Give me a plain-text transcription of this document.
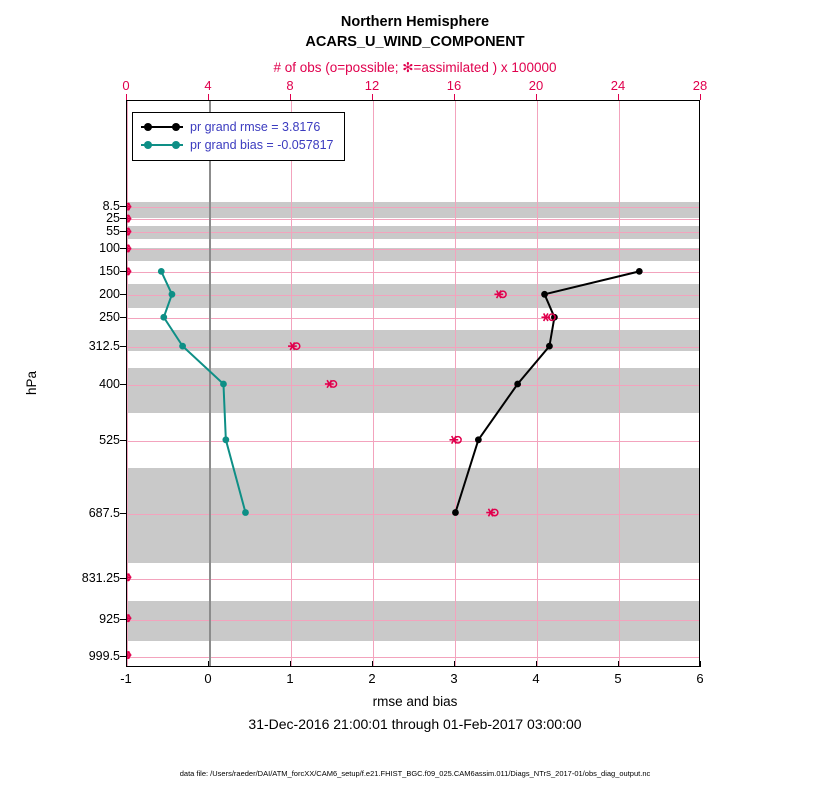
Northern Hemisphere
ACARS_U_WIND_COMPONENT
# of obs (o=possible; ✻=assimilated ) x 100000
8.5
25
55
100
150
200
250
312.5
400
525
687.5
831.25
925
999.5
hPa
0	4	8	12	16	20	24	28
-1	0	1	2	3	4	5	6
pr grand rmse = 3.8176
pr grand bias = -0.057817
rmse and bias
31-Dec-2016 21:00:01 through 01-Feb-2017 03:00:00
data file: /Users/raeder/DAI/ATM_forcXX/CAM6_setup/f.e21.FHIST_BGC.f09_025.CAM6assim.011/Diags_NTrS_2017-01/obs_diag_output.nc
